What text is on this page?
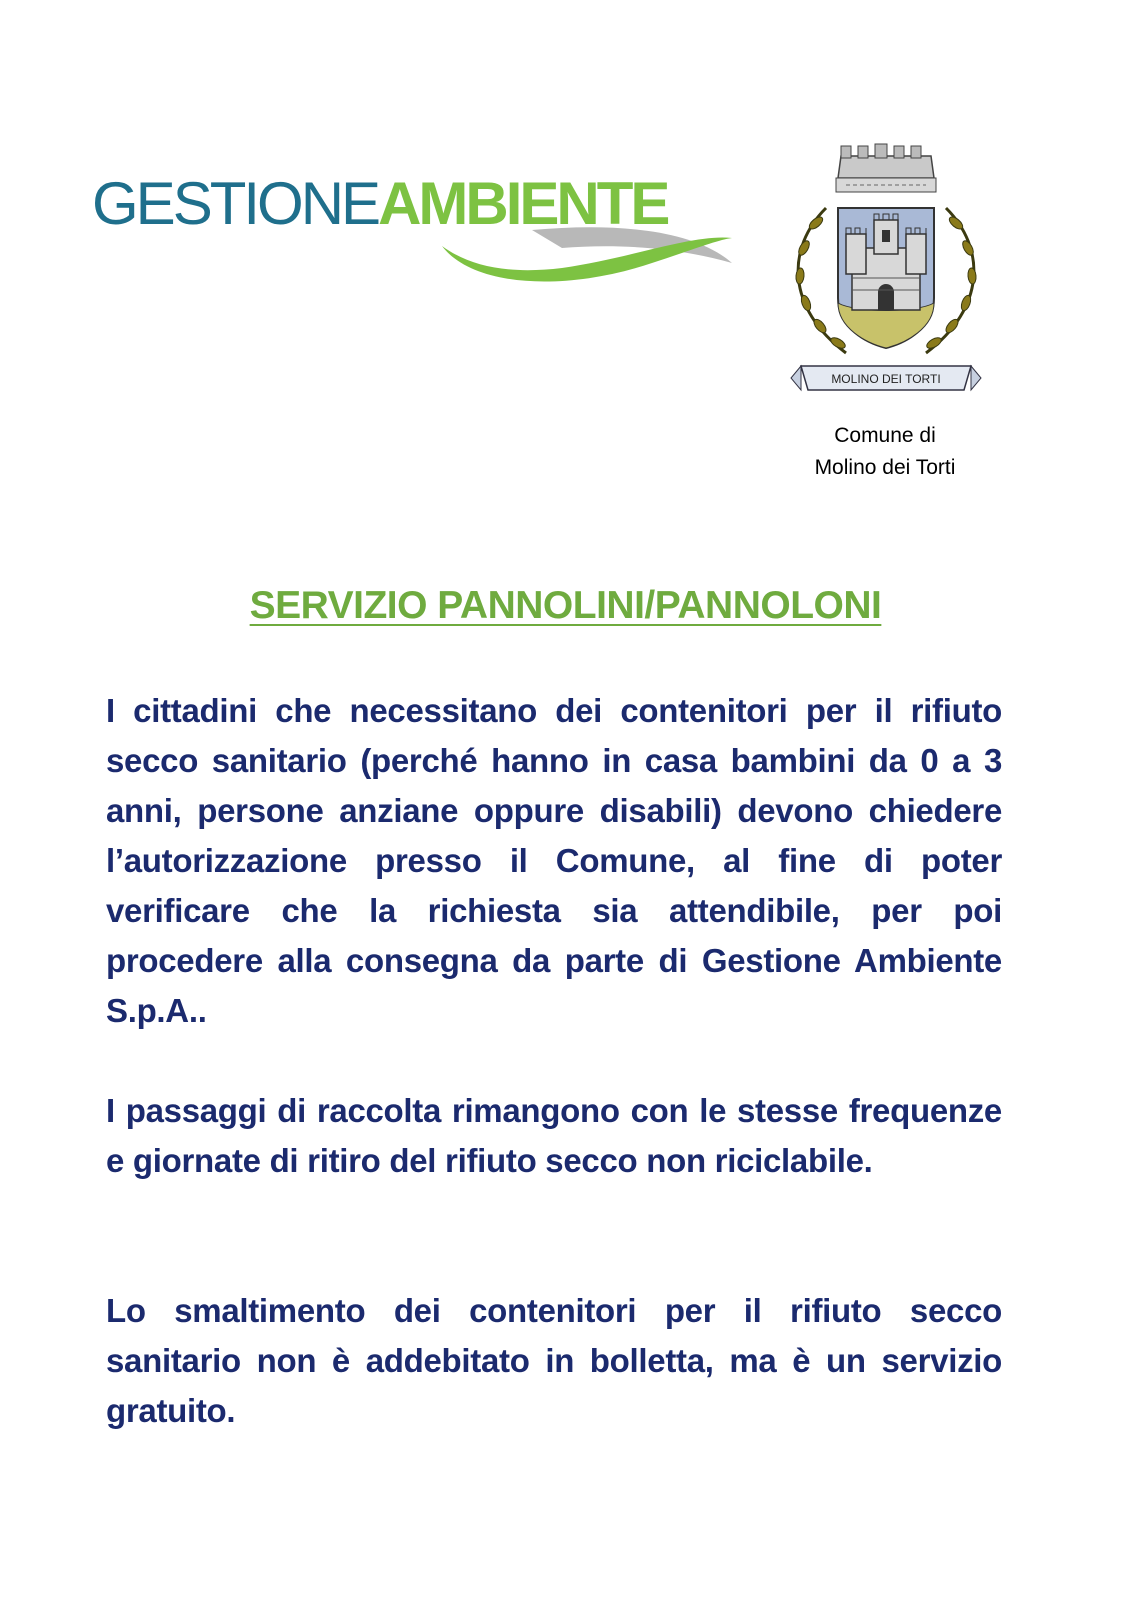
GESTIONEAMBIENTE
MOLINO DEI TORTI
Comune di
Molino dei Torti
SERVIZIO PANNOLINI/PANNOLONI
I cittadini che necessitano dei contenitori per il rifiuto secco sanitario (perché hanno in casa bambini da 0 a 3 anni, persone anziane oppure disabili) devono chiedere l’autorizzazione presso il Comune, al fine di poter verificare che la richiesta sia attendibile, per poi procedere alla consegna da parte di Gestione Ambiente S.p.A..
I passaggi di raccolta rimangono con le stesse frequenze e giornate di ritiro del rifiuto secco non riciclabile.
Lo smaltimento dei contenitori per il rifiuto secco sanitario non è addebitato in bolletta, ma è un servizio gratuito.
